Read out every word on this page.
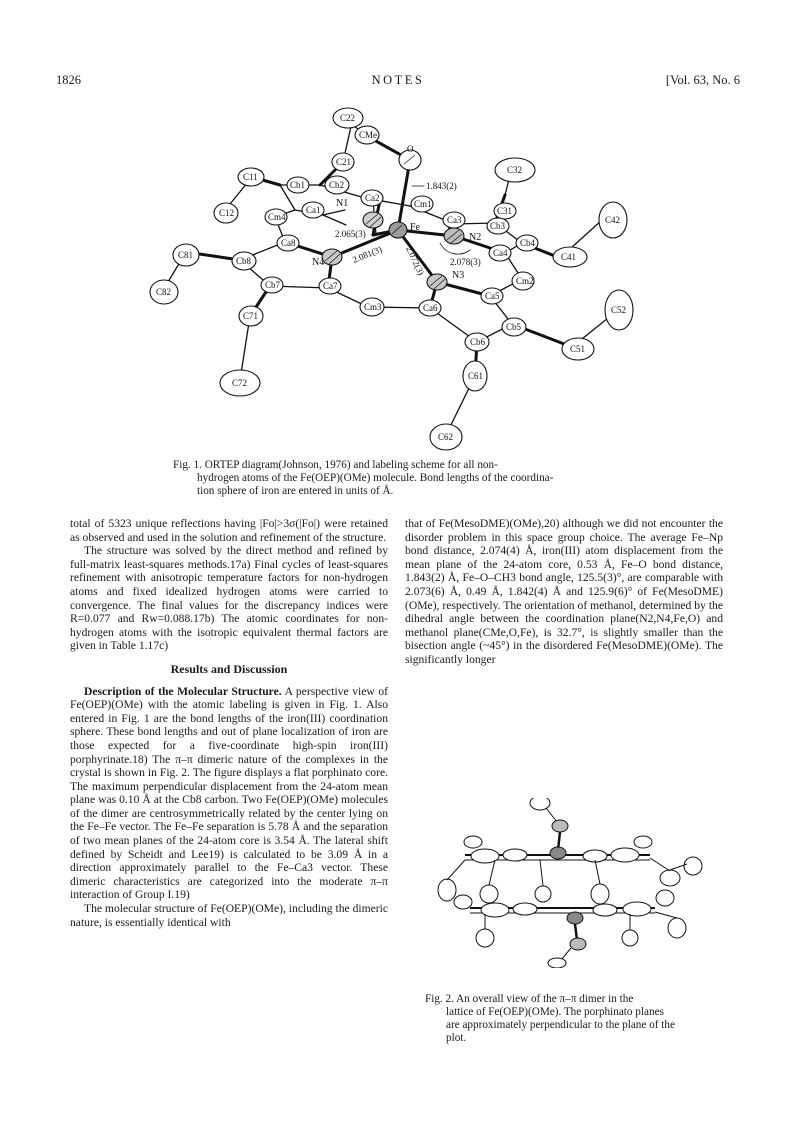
1826	NOTES	[Vol. 63, No. 6
C22
CMe
O
C21
C11
Cb1	Cb2
Ca2
N1	Cm1
C32
C12	Cm4
Ca1
Fe
Ca3
C31
Cb3
C42
N2	Cb4
C81
Ca8
N4
Ca4	C41
Cb8
Cm2
N3
C82
Cb7	Ca7
Ca5
C52
Cm3	Ca6
Cb5
C71
Cb6
C51
C61
C72
C62
1.843(2)
2.065(3)
2.081(3) 2.072(3)	2.078(3)
Fig. 1. ORTEP diagram(Johnson, 1976) and labeling scheme for all non-
hydrogen atoms of the Fe(OEP)(OMe) molecule. Bond lengths of the coordina-
tion sphere of iron are entered in units of Å.

total of 5323 unique reflections having |Fo|>3σ(|Fo|) were retained as observed and used in the solution and refinement of the structure.

The structure was solved by the direct method and refined by full-matrix least-squares methods.17a) Final cycles of least-squares refinement with anisotropic temperature factors for non-hydrogen atoms and fixed idealized hydrogen atoms were carried to convergence. The final values for the discrepancy indices were R=0.077 and Rw=0.088.17b) The atomic coordinates for non-hydrogen atoms with the isotropic equivalent thermal factors are given in Table 1.17c)

Results and Discussion

Description of the Molecular Structure. A perspective view of Fe(OEP)(OMe) with the atomic labeling is given in Fig. 1. Also entered in Fig. 1 are the bond lengths of the iron(III) coordination sphere. These bond lengths and out of plane localization of iron are those expected for a five-coordinate high-spin iron(III) porphyrinate.18) The π–π dimeric nature of the complexes in the crystal is shown in Fig. 2. The figure displays a flat porphinato core. The maximum perpendicular displacement from the 24-atom mean plane was 0.10 Å at the Cb8 carbon. Two Fe(OEP)(OMe) molecules of the dimer are centrosymmetrically related by the center lying on the Fe–Fe vector. The Fe–Fe separation is 5.78 Å and the separation of two mean planes of the 24-atom core is 3.54 Å. The lateral shift defined by Scheidt and Lee19) is calculated to be 3.09 Å in a direction approximately parallel to the Fe–Ca3 vector. These dimeric characteristics are categorized into the moderate π–π interaction of Group I.19)

The molecular structure of Fe(OEP)(OMe), including the dimeric nature, is essentially identical with

that of Fe(MesoDME)(OMe),20) although we did not encounter the disorder problem in this space group choice. The average Fe–Np bond distance, 2.074(4) Å, iron(III) atom displacement from the mean plane of the 24-atom core, 0.53 Å, Fe–O bond distance, 1.843(2) Å, Fe–O–CH3 bond angle, 125.5(3)°, are comparable with 2.073(6) Å, 0.49 Å, 1.842(4) Å and 125.9(6)° of Fe(MesoDME)(OMe), respectively. The orientation of methanol, determined by the dihedral angle between the coordination plane(N2,N4,Fe,O) and methanol plane(CMe,O,Fe), is 32.7°, is slightly smaller than the bisection angle (~45°) in the disordered Fe(MesoDME)(OMe). The significantly longer

Fig. 2. An overall view of the π–π dimer in the
lattice of Fe(OEP)(OMe). The porphinato planes
are approximately perpendicular to the plane of the
plot.
